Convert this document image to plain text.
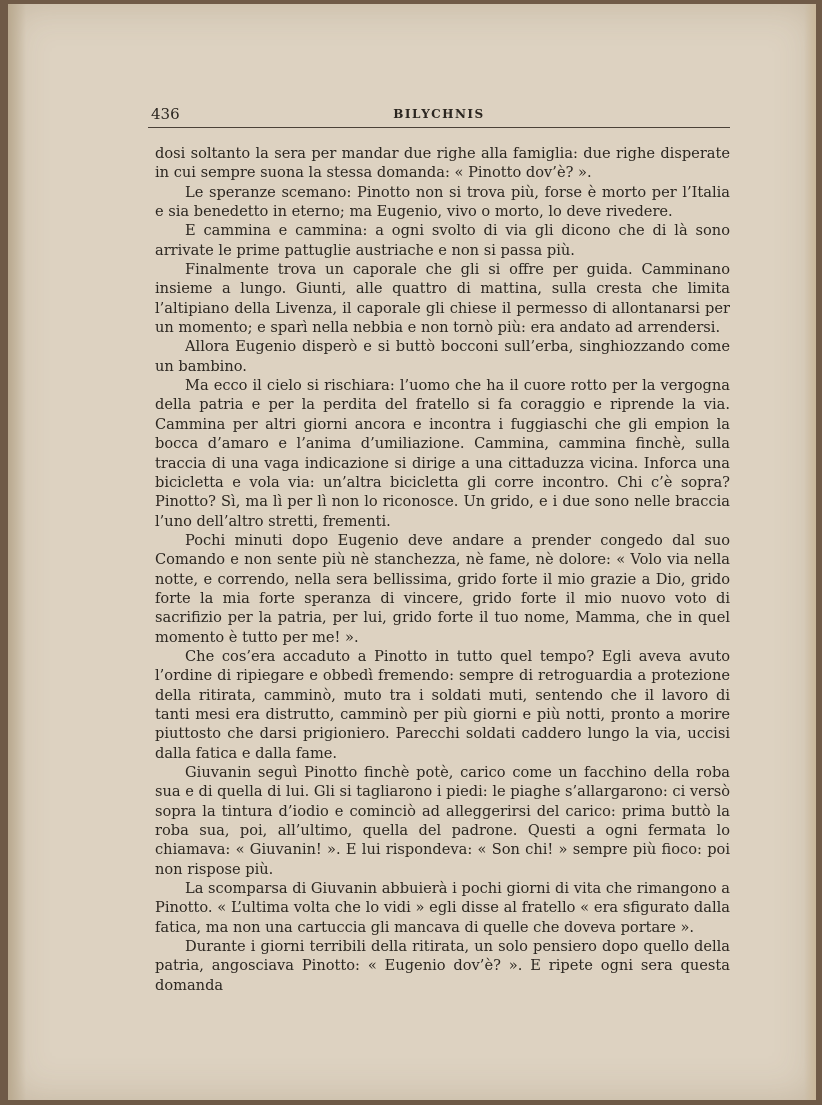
436	BILYCHNIS

dosi soltanto la sera per mandar due righe alla famiglia: due righe disperate in cui sempre suona la stessa domanda: « Pinotto dov’è? ».

Le speranze scemano: Pinotto non si trova più, forse è morto per l’Italia e sia benedetto in eterno; ma Eugenio, vivo o morto, lo deve rivedere.

E cammina e cammina: a ogni svolto di via gli dicono che di là sono arrivate le prime pattuglie austriache e non si passa più.

Finalmente trova un caporale che gli si offre per guida. Camminano insieme a lungo. Giunti, alle quattro di mattina, sulla cresta che limita l’altipiano della Livenza, il caporale gli chiese il permesso di allontanarsi per un momento; e sparì nella nebbia e non tornò più: era andato ad arrendersi.

Allora Eugenio disperò e si buttò bocconi sull’erba, singhiozzando come un bambino.

Ma ecco il cielo si rischiara: l’uomo che ha il cuore rotto per la vergogna della patria e per la perdita del fratello si fa coraggio e riprende la via. Cammina per altri giorni ancora e incontra i fuggiaschi che gli empion la bocca d’amaro e l’anima d’umiliazione. Cammina, cammina finchè, sulla traccia di una vaga indicazione si dirige a una cittaduzza vicina. Inforca una bicicletta e vola via: un’altra bicicletta gli corre incontro. Chi c’è sopra? Pinotto? Sì, ma lì per lì non lo riconosce. Un grido, e i due sono nelle braccia l’uno dell’altro stretti, frementi.

Pochi minuti dopo Eugenio deve andare a prender congedo dal suo Comando e non sente più nè stanchezza, nè fame, nè dolore: « Volo via nella notte, e correndo, nella sera bellissima, grido forte il mio grazie a Dio, grido forte la mia forte speranza di vincere, grido forte il mio nuovo voto di sacrifizio per la patria, per lui, grido forte il tuo nome, Mamma, che in quel momento è tutto per me! ».

Che cos’era accaduto a Pinotto in tutto quel tempo? Egli aveva avuto l’ordine di ripiegare e obbedì fremendo: sempre di retroguardia a protezione della ritirata, camminò, muto tra i soldati muti, sentendo che il lavoro di tanti mesi era distrutto, camminò per più giorni e più notti, pronto a morire piuttosto che darsi prigioniero. Parecchi soldati caddero lungo la via, uccisi dalla fatica e dalla fame.

Giuvanin seguì Pinotto finchè potè, carico come un facchino della roba sua e di quella di lui. Gli si tagliarono i piedi: le piaghe s’allargarono: ci versò sopra la tintura d’iodio e cominciò ad alleggerirsi del carico: prima buttò la roba sua, poi, all’ultimo, quella del padrone. Questi a ogni fermata lo chiamava: « Giuvanin! ». E lui rispondeva: « Son chi! » sempre più fioco: poi non rispose più.

La scomparsa di Giuvanin abbuierà i pochi giorni di vita che rimangono a Pinotto. « L’ultima volta che lo vidi » egli disse al fratello « era sfigurato dalla fatica, ma non una cartuccia gli mancava di quelle che doveva portare ».

Durante i giorni terribili della ritirata, un solo pensiero dopo quello della patria, angosciava Pinotto: « Eugenio dov’è? ». E ripete ogni sera questa domanda
